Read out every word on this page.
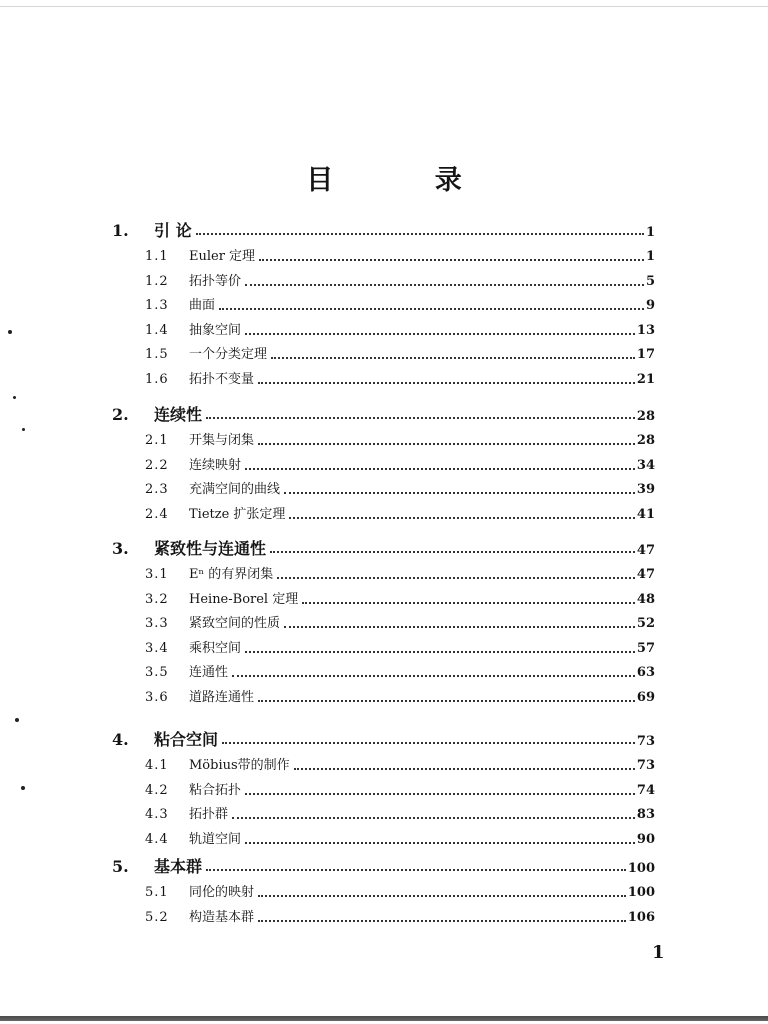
目 录
1.	引 论	1
1.1	Euler 定理	1
1.2	拓扑等价	5
1.3	曲面	9
1.4	抽象空间	13
1.5	一个分类定理	17
1.6	拓扑不变量	21
2.	连续性	28
2.1	开集与闭集	28
2.2	连续映射	34
2.3	充满空间的曲线	39
2.4	Tietze 扩张定理	41
3.	紧致性与连通性	47
3.1	Eⁿ 的有界闭集	47
3.2	Heine-Borel 定理	48
3.3	紧致空间的性质	52
3.4	乘积空间	57
3.5	连通性	63
3.6	道路连通性	69
4.	粘合空间	73
4.1	Möbius带的制作	73
4.2	粘合拓扑	74
4.3	拓扑群	83
4.4	轨道空间	90
5.	基本群	100
5.1	同伦的映射	100
5.2	构造基本群	106
1
